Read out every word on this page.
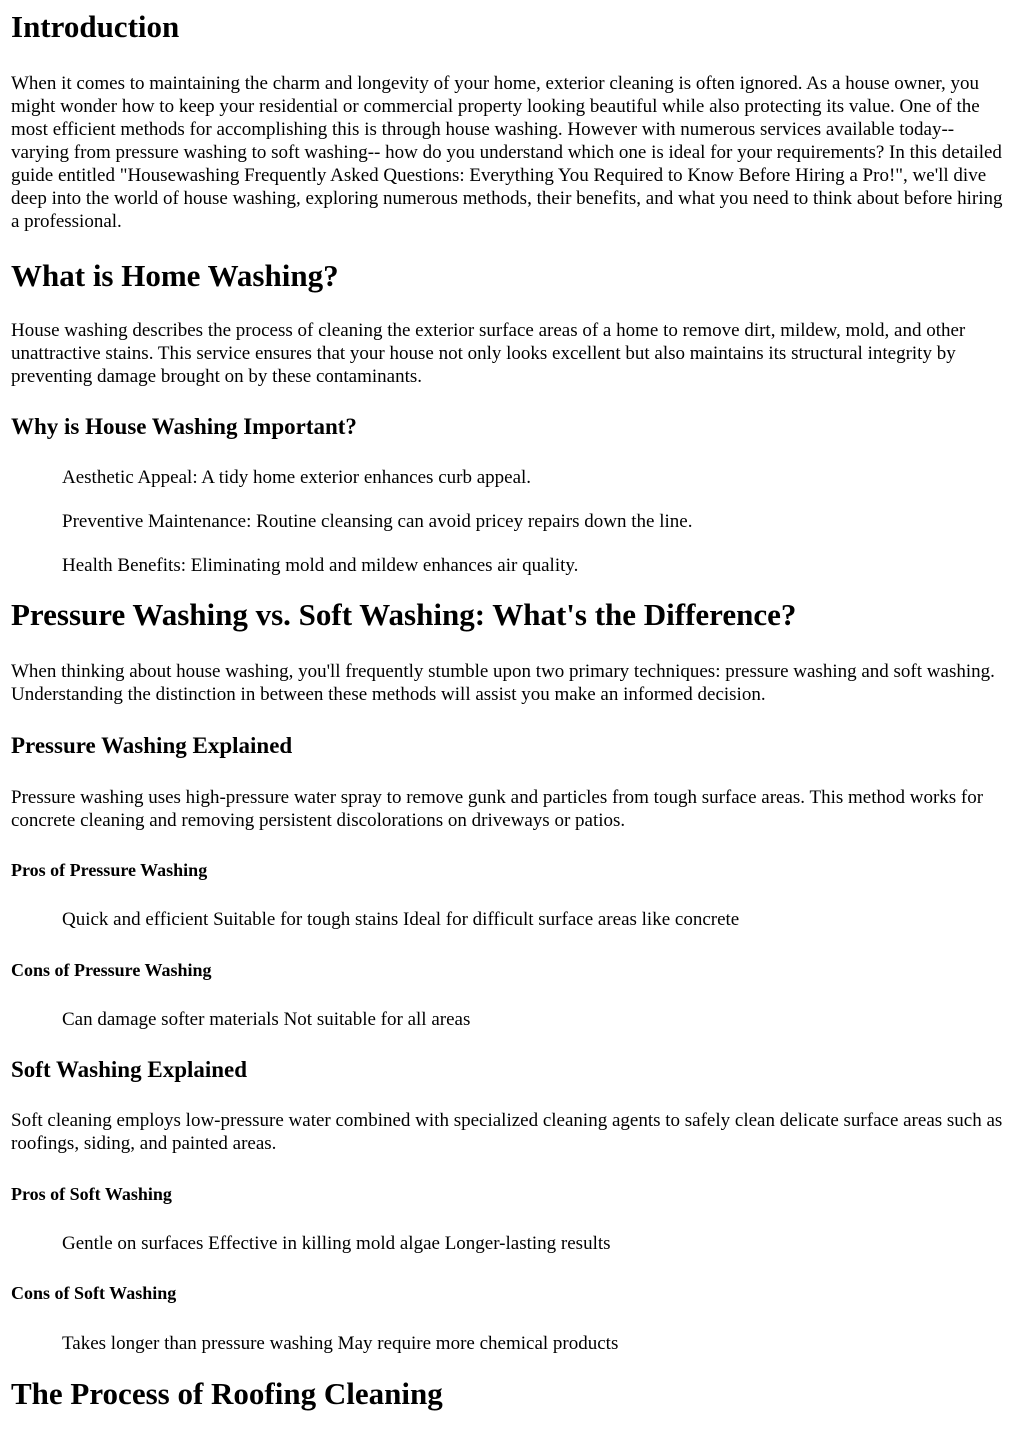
Introduction

When it comes to maintaining the charm and longevity of your home, exterior cleaning is often ignored. As a house owner, you might wonder how to keep your residential or commercial property looking beautiful while also protecting its value. One of the most efficient methods for accomplishing this is through house washing. However with numerous services available today-- varying from pressure washing to soft washing-- how do you understand which one is ideal for your requirements? In this detailed guide entitled "Housewashing Frequently Asked Questions: Everything You Required to Know Before Hiring a Pro!", we'll dive deep into the world of house washing, exploring numerous methods, their benefits, and what you need to think about before hiring a professional.

What is Home Washing?

House washing describes the process of cleaning the exterior surface areas of a home to remove dirt, mildew, mold, and other unattractive stains. This service ensures that your house not only looks excellent but also maintains its structural integrity by preventing damage brought on by these contaminants.

Why is House Washing Important?

Aesthetic Appeal: A tidy home exterior enhances curb appeal.

Preventive Maintenance: Routine cleansing can avoid pricey repairs down the line.

Health Benefits: Eliminating mold and mildew enhances air quality.

Pressure Washing vs. Soft Washing: What's the Difference?

When thinking about house washing, you'll frequently stumble upon two primary techniques: pressure washing and soft washing. Understanding the distinction in between these methods will assist you make an informed decision.

Pressure Washing Explained

Pressure washing uses high-pressure water spray to remove gunk and particles from tough surface areas. This method works for concrete cleaning and removing persistent discolorations on driveways or patios.

Pros of Pressure Washing

Quick and efficient Suitable for tough stains Ideal for difficult surface areas like concrete

Cons of Pressure Washing

Can damage softer materials Not suitable for all areas

Soft Washing Explained

Soft cleaning employs low-pressure water combined with specialized cleaning agents to safely clean delicate surface areas such as roofings, siding, and painted areas.

Pros of Soft Washing

Gentle on surfaces Effective in killing mold algae Longer-lasting results

Cons of Soft Washing

Takes longer than pressure washing May require more chemical products

The Process of Roofing Cleaning
